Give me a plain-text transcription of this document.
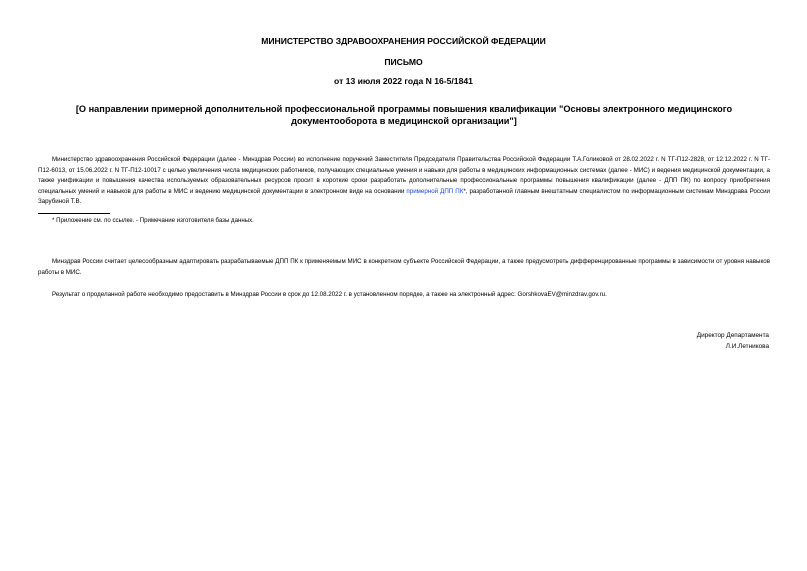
МИНИСТЕРСТВО ЗДРАВООХРАНЕНИЯ РОССИЙСКОЙ ФЕДЕРАЦИИ
ПИСЬМО
от 13 июля 2022 года N 16-5/1841
[О направлении примерной дополнительной профессиональной программы повышения квалификации "Основы электронного медицинского документооборота в медицинской организации"]
Министерство здравоохранения Российской Федерации (далее - Минздрав России) во исполнение поручений Заместителя Председателя Правительства Российской Федерации Т.А.Голиковой от 28.02.2022 г. N ТГ-П12-2828, от 12.12.2022 г. N ТГ-П12-6013, от 15.06.2022 г. N ТГ-П12-10017 с целью увеличения числа медицинских работников, получающих специальные умения и навыки для работы в медицинских информационных системах (далее - МИС) и ведения медицинской документации, а также унификации и повышения качества используемых образовательных ресурсов просит в короткие сроки разработать дополнительные профессиональные программы повышения квалификации (далее - ДПП ПК) по вопросу приобретения специальных умений и навыков для работы в МИС и ведению медицинской документации в электронном виде на основании примерной ДПП ПК*, разработанной главным внештатным специалистом по информационным системам Минздрава России Зарубиной Т.В.
* Приложение см. по ссылке. - Примечание изготовителя базы данных.
Минздрав России считает целесообразным адаптировать разрабатываемые ДПП ПК к применяемым МИС в конкретном субъекте Российской Федерации, а также предусмотреть дифференцированные программы в зависимости от уровня навыков работы в МИС.
Результат о проделанной работе необходимо предоставить в Минздрав России в срок до 12.08.2022 г. в установленном порядке, а также на электронный адрес: GorshkovaEV@minzdrav.gov.ru.
Директор Департамента
Л.И.Летникова
